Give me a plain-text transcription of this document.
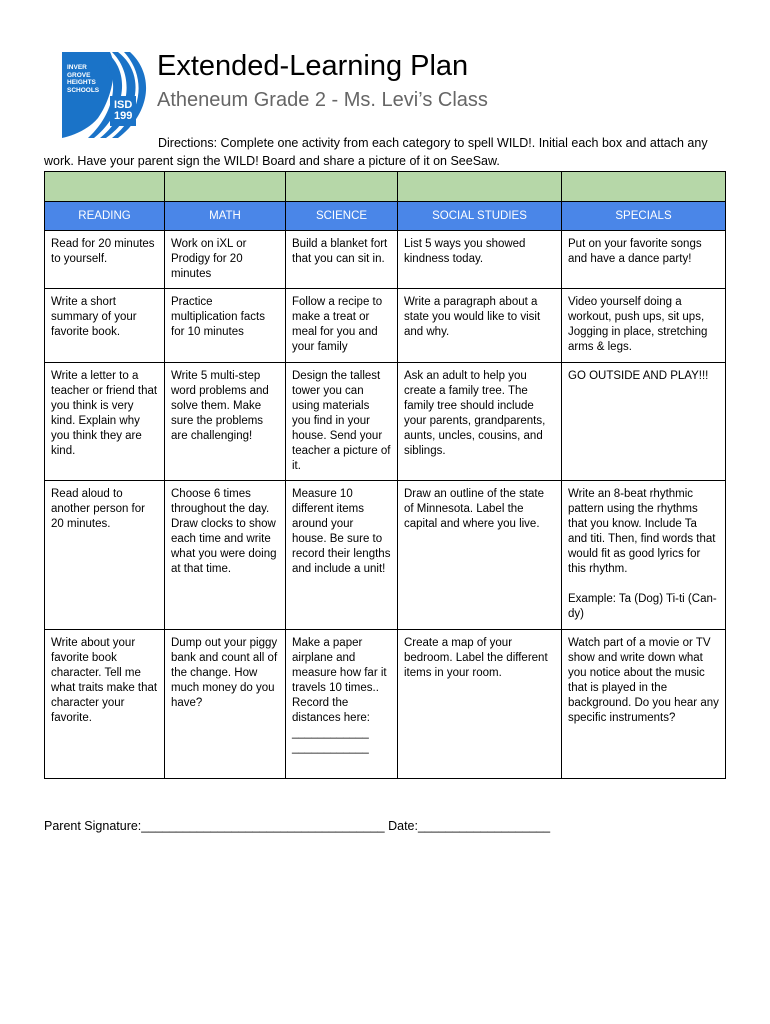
INVER
GROVE
HEIGHTS
SCHOOLS
ISD
199
Extended-Learning Plan
Atheneum Grade 2 - Ms. Levi’s Class
Directions: Complete one activity from each category to spell WILD!. Initial each box and attach any work. Have your parent sign the WILD! Board and share a picture of it on SeeSaw.

READING	MATH	SCIENCE	SOCIAL STUDIES	SPECIALS
Read for 20 minutes to yourself.	Work on iXL or Prodigy for 20 minutes	Build a blanket fort that you can sit in.	List 5 ways you showed kindness today.	Put on your favorite songs and have a dance party!
Write a short summary of your favorite book.	Practice multiplication facts for 10 minutes	Follow a recipe to make a treat or meal for you and your family	Write a paragraph about a state you would like to visit and why.	Video yourself doing a workout, push ups, sit ups, Jogging in place, stretching arms & legs.
Write a letter to a teacher or friend that you think is very kind. Explain why you think they are kind.	Write 5 multi-step word problems and solve them. Make sure the problems are challenging!	Design the tallest tower you can using materials you find in your house. Send your teacher a picture of it.	Ask an adult to help you create a family tree. The family tree should include your parents, grandparents, aunts, uncles, cousins, and siblings.	GO OUTSIDE AND PLAY!!!
Read aloud to another person for 20 minutes.	Choose 6 times throughout the day. Draw clocks to show each time and write what you were doing at that time.	Measure 10 different items around your house. Be sure to record their lengths and include a unit!	Draw an outline of the state of Minnesota. Label the capital and where you live.	Write an 8-beat rhythmic pattern using the rhythms that you know. Include Ta and titi. Then, find words that would fit as good lyrics for this rhythm.
Example: Ta (Dog) Ti-ti (Can-dy)

Write about your favorite book character. Tell me what traits make that character your favorite.	Dump out your piggy bank and count all of the change. How much money do you have?	Make a paper airplane and measure how far it travels 10 times.. Record the distances here: ____________ ____________	Create a map of your bedroom. Label the different items in your room.	Watch part of a movie or TV show and write down what you notice about the music that is played in the background. Do you hear any specific instruments?
Parent Signature:___________________________________ Date:___________________
